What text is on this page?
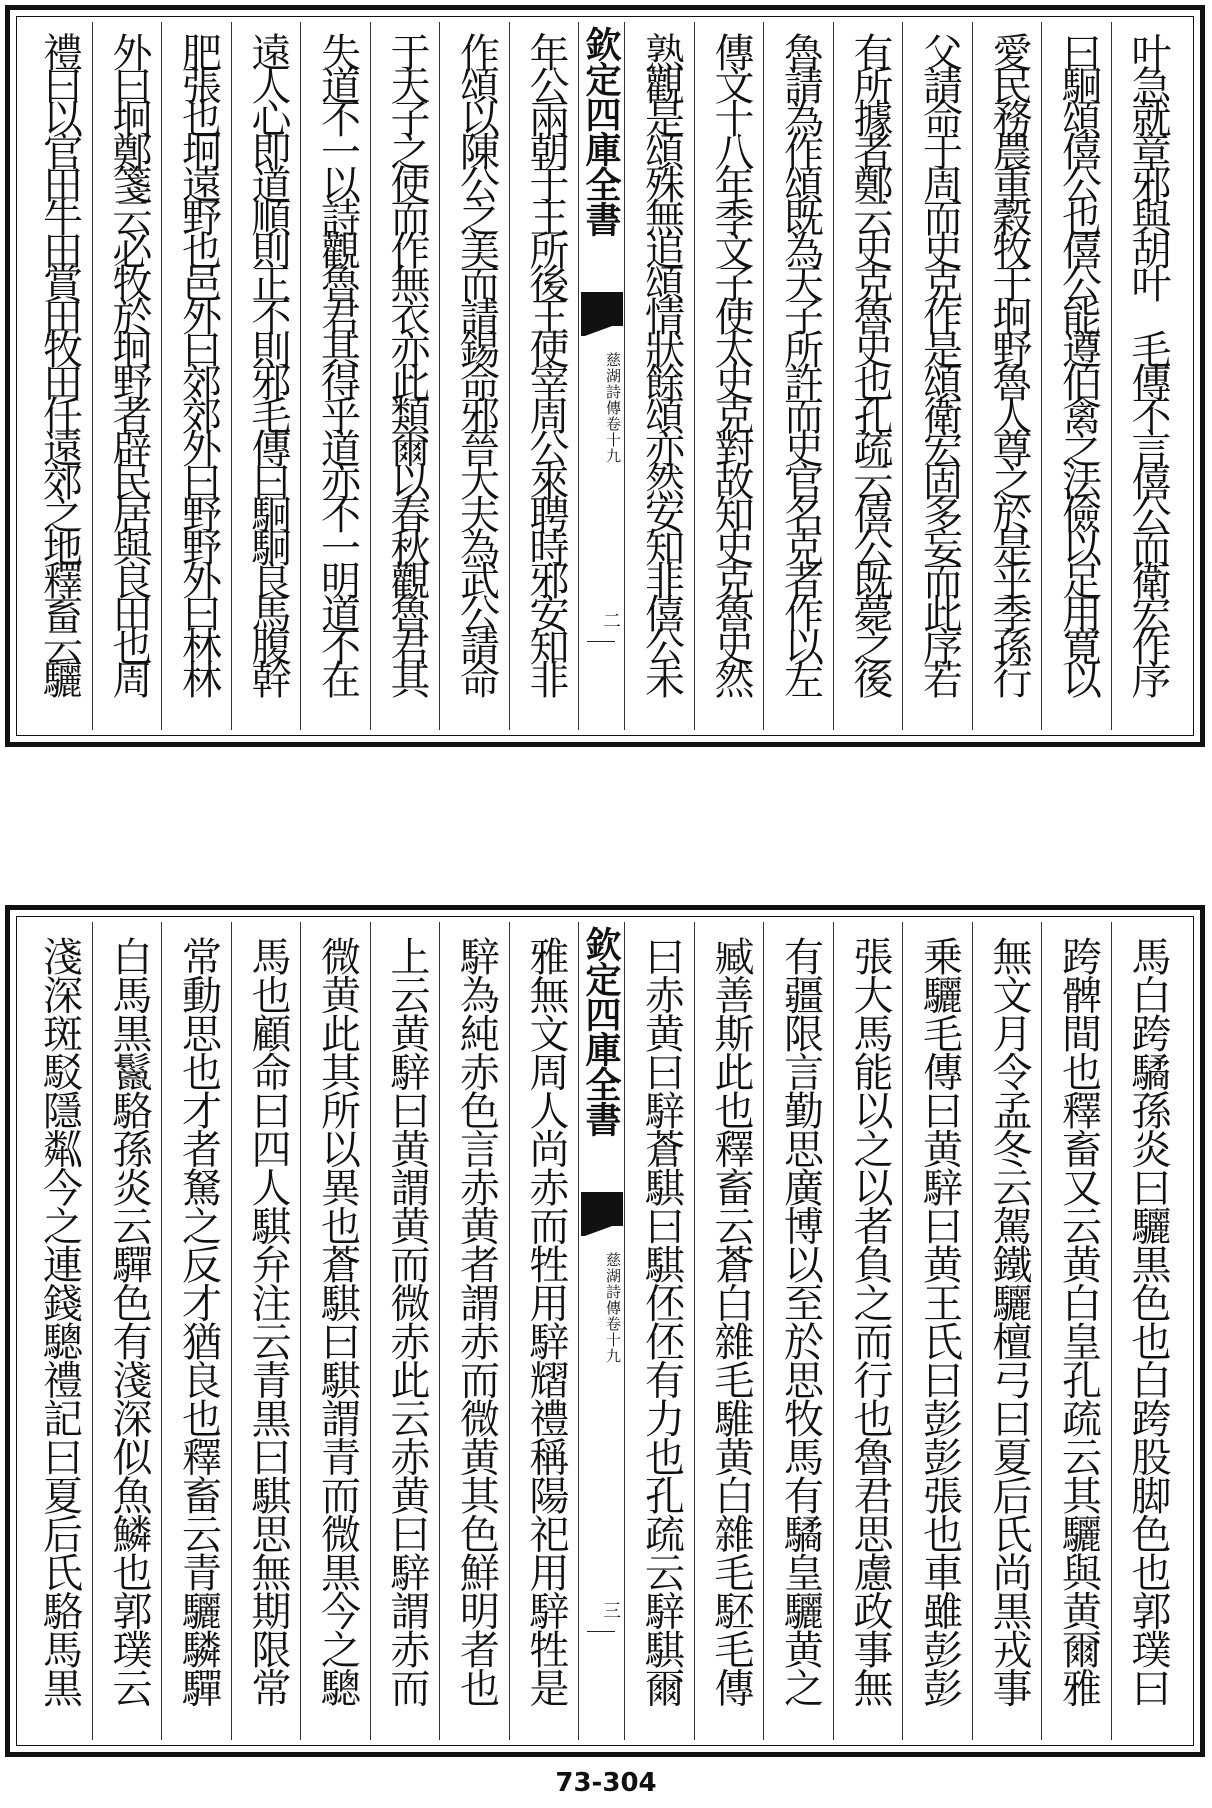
叶急就章邪與胡叶　毛傳不言僖公而衛宏作序
曰駉頌僖公也僖公能遵伯禽之法儉以足用寛以
愛民務農重穀牧于坰野魯人尊之於是乎季孫行
父請命于周而史克作是頌衛宏固多妄而此序若
有所據者鄭云史克魯史也孔疏云僖公既薨之後
魯請為作頌既為天子所許而史官名克者作以左
傳文十八年季文子使太史克對故知史克魯史然
熟觀是頌殊無追頌情狀餘頌亦然安知非僖公未
欽定四庫全書
慈湖詩傳卷十九
二
年公兩朝于王所後王使宰周公來聘時邪安知非
作頌以陳公之美而請錫命邪晉大夫為武公請命
于天子之使而作無衣亦此類爾以春秋觀魯君其
失道不一以詩觀魯君其得乎道亦不一明道不在
遠人心即道順則正不則邪毛傳曰駉駉良馬腹幹
肥張也坰遠野也邑外曰郊郊外曰野野外曰林林
外曰坰鄭箋云必牧於坰野者辟民居與良田也周
禮曰以官田牛田賞田牧田任遠郊之地釋畜云驪
馬白跨驈孫炎曰驪黒色也白跨股脚色也郭璞曰
跨髀間也釋畜又云黄白皇孔疏云其驪與黄爾雅
無文月令孟冬云駕鐵驪檀弓曰夏后氏尚黒戎事
乗驪毛傳曰黄騂曰黄王氏曰彭彭張也車雖彭彭
張大馬能以之以者負之而行也魯君思慮政事無
有疆限言勤思廣博以至於思牧馬有驈皇驪黄之
臧善斯此也釋畜云蒼白雜毛騅黄白雜毛駓毛傳
曰赤黄曰騂蒼騏曰騏伾伾有力也孔疏云騂騏爾
欽定四庫全書
慈湖詩傳卷十九
三
雅無文周人尚赤而牲用騂𦒉禮稱陽祀用騂牲是
騂為純赤色言赤黄者謂赤而微黄其色鮮明者也
上云黄騂曰黄謂黄而微赤此云赤黄曰騂謂赤而
微黄此其所以異也蒼騏曰騏謂青而微黒今之驄
馬也顧命曰四人騏弁注云青黒曰騏思無期限常
常動思也才者駑之反才猶良也釋畜云青驪驎驒
白馬黒鬣駱孫炎云驒色有淺深似魚鱗也郭璞云
淺深斑駁隱粼今之連錢驄禮記曰夏后氏駱馬黒
73-304
